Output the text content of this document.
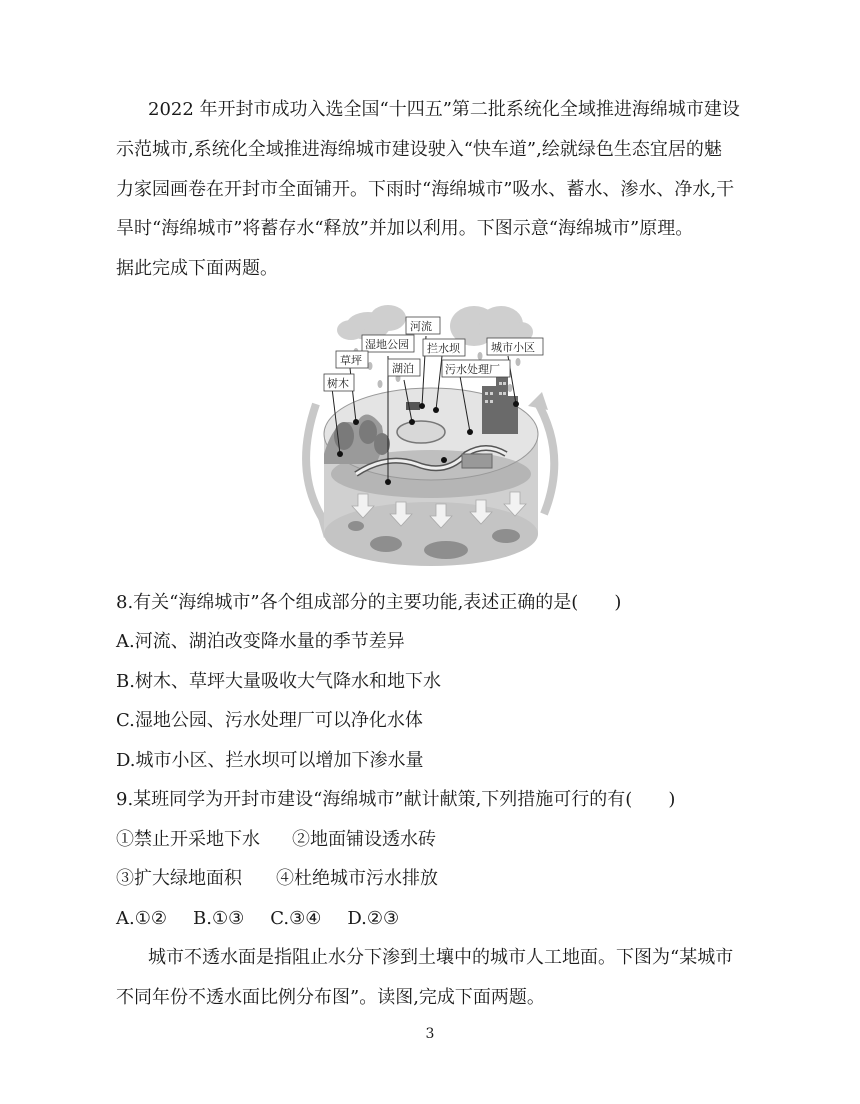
2022 年开封市成功入选全国“十四五”第二批系统化全域推进海绵城市建设
示范城市,系统化全域推进海绵城市建设驶入“快车道”,绘就绿色生态宜居的魅
力家园画卷在开封市全面铺开。下雨时“海绵城市”吸水、蓄水、渗水、净水,干
旱时“海绵城市”将蓄存水“释放”并加以利用。下图示意“海绵城市”原理。
据此完成下面两题。
河流
湿地公园
草坪
湖泊
拦水坝	城市小区
污水处理厂
树木
8.有关“海绵城市”各个组成部分的主要功能,表述正确的是(　　)
A.河流、湖泊改变降水量的季节差异
B.树木、草坪大量吸收大气降水和地下水
C.湿地公园、污水处理厂可以净化水体
D.城市小区、拦水坝可以增加下渗水量
9.某班同学为开封市建设“海绵城市”献计献策,下列措施可行的有(　　)
①禁止开采地下水 ②地面铺设透水砖
③扩大绿地面积 ④杜绝城市污水排放
A.①② B.①③ C.③④ D.②③
城市不透水面是指阻止水分下渗到土壤中的城市人工地面。下图为“某城市
不同年份不透水面比例分布图”。读图,完成下面两题。
3
